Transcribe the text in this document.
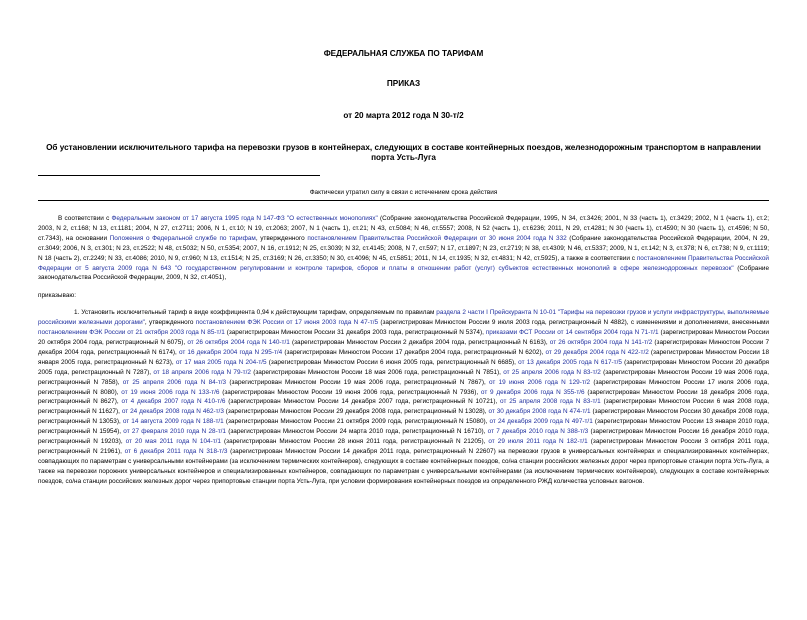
ФЕДЕРАЛЬНАЯ СЛУЖБА ПО ТАРИФАМ
ПРИКАЗ
от 20 марта 2012 года N 30-т/2
Об установлении исключительного тарифа на перевозки грузов в контейнерах, следующих в составе контейнерных поездов, железнодорожным транспортом в направлении порта Усть-Луга
Фактически утратил силу в связи с истечением срока действия

В соответствии с Федеральным законом от 17 августа 1995 года N 147-ФЗ "О естественных монополиях" (Собрание законодательства Российской Федерации, 1995, N 34, ст.3426; 2001, N 33 (часть 1), ст.3429; 2002, N 1 (часть 1), ст.2; 2003, N 2, ст.168; N 13, ст.1181; 2004, N 27, ст.2711; 2006, N 1, ст.10; N 19, ст.2063; 2007, N 1 (часть 1), ст.21; N 43, ст.5084; N 46, ст.5557; 2008, N 52 (часть 1), ст.6236; 2011, N 29, ст.4281; N 30 (часть 1), ст.4590; N 30 (часть 1), ст.4596; N 50, ст.7343), на основании Положения о Федеральной службе по тарифам, утвержденного постановлением Правительства Российской Федерации от 30 июня 2004 года N 332 (Собрание законодательства Российской Федерации, 2004, N 29, ст.3049; 2006, N 3, ст.301; N 23, ст.2522; N 48, ст.5032; N 50, ст.5354; 2007, N 16, ст.1912; N 25, ст.3039; N 32, ст.4145; 2008, N 7, ст.597; N 17, ст.1897; N 23, ст.2719; N 38, ст.4309; N 46, ст.5337; 2009, N 1, ст.142; N 3, ст.378; N 6, ст.738; N 9, ст.1119; N 18 (часть 2), ст.2249; N 33, ст.4086; 2010, N 9, ст.960; N 13, ст.1514; N 25, ст.3169; N 26, ст.3350; N 30, ст.4096; N 45, ст.5851; 2011, N 14, ст.1935; N 32, ст.4831; N 42, ст.5925), а также в соответствии с постановлением Правительства Российской Федерации от 5 августа 2009 года N 643 "О государственном регулировании и контроле тарифов, сборов и платы в отношении работ (услуг) субъектов естественных монополий в сфере железнодорожных перевозок" (Собрание законодательства Российской Федерации, 2009, N 32, ст.4051),

приказываю:

1. Установить исключительный тариф в виде коэффициента 0,94 к действующим тарифам, определяемым по правилам раздела 2 части I Прейскуранта N 10-01 "Тарифы на перевозки грузов и услуги инфраструктуры, выполняемые российскими железными дорогами", утвержденного постановлением ФЭК России от 17 июня 2003 года N 47-т/5 (зарегистрирован Минюстом России 9 июля 2003 года, регистрационный N 4882), с изменениями и дополнениями, внесенными постановлением ФЭК России от 21 октября 2003 года N 85-т/1 (зарегистрирован Минюстом России 31 декабря 2003 года, регистрационный N 5374), приказами ФСТ России от 14 сентября 2004 года N 71-т/1 (зарегистрирован Минюстом России 20 октября 2004 года, регистрационный N 6075), от 26 октября 2004 года N 140-т/1 (зарегистрирован Минюстом России 2 декабря 2004 года, регистрационный N 6163), от 26 октября 2004 года N 141-т/2 (зарегистрирован Минюстом России 7 декабря 2004 года, регистрационный N 6174), от 16 декабря 2004 года N 295-т/4 (зарегистрирован Минюстом России 17 декабря 2004 года, регистрационный N 6202), от 29 декабря 2004 года N 422-т/2 (зарегистрирован Минюстом России 18 января 2005 года, регистрационный N 6273), от 17 мая 2005 года N 204-т/5 (зарегистрирован Минюстом России 6 июня 2005 года, регистрационный N 6685), от 13 декабря 2005 года N 617-т/5 (зарегистрирован Минюстом России 20 декабря 2005 года, регистрационный N 7287), от 18 апреля 2006 года N 79-т/2 (зарегистрирован Минюстом России 18 мая 2006 года, регистрационный N 7851), от 25 апреля 2006 года N 83-т/2 (зарегистрирован Минюстом России 19 мая 2006 года, регистрационный N 7858), от 25 апреля 2006 года N 84-т/3 (зарегистрирован Минюстом России 19 мая 2006 года, регистрационный N 7867), от 19 июня 2006 года N 129-т/2 (зарегистрирован Минюстом России 17 июля 2006 года, регистрационный N 8080), от 19 июня 2006 года N 133-т/6 (зарегистрирован Минюстом России 19 июня 2006 года, регистрационный N 7936), от 9 декабря 2006 года N 355-т/6 (зарегистрирован Минюстом России 18 декабря 2006 года, регистрационный N 8627), от 4 декабря 2007 года N 410-т/6 (зарегистрирован Минюстом России 14 декабря 2007 года, регистрационный N 10721), от 25 апреля 2008 года N 83-т/1 (зарегистрирован Минюстом России 6 мая 2008 года, регистрационный N 11627), от 24 декабря 2008 года N 462-т/3 (зарегистрирован Минюстом России 29 декабря 2008 года, регистрационный N 13028), от 30 декабря 2008 года N 474-т/1 (зарегистрирован Минюстом России 30 декабря 2008 года, регистрационный N 13053), от 14 августа 2009 года N 188-т/1 (зарегистрирован Минюстом России 21 октября 2009 года, регистрационный N 15080), от 24 декабря 2009 года N 497-т/1 (зарегистрирован Минюстом России 13 января 2010 года, регистрационный N 15954), от 27 февраля 2010 года N 28-т/1 (зарегистрирован Минюстом России 24 марта 2010 года, регистрационный N 16710), от 7 декабря 2010 года N 388-т/3 (зарегистрирован Минюстом России 16 декабря 2010 года, регистрационный N 19203), от 20 мая 2011 года N 104-т/1 (зарегистрирован Минюстом России 28 июня 2011 года, регистрационный N 21205), от 29 июля 2011 года N 182-т/1 (зарегистрирован Минюстом России 3 октября 2011 года, регистрационный N 21961), от 6 декабря 2011 года N 318-т/3 (зарегистрирован Минюстом России 14 декабря 2011 года, регистрационный N 22607) на перевозки грузов в универсальных контейнерах и специализированных контейнерах, совпадающих по параметрам с универсальными контейнерами (за исключением термических контейнеров), следующих в составе контейнерных поездов, со/на станции российских железных дорог через припортовые станции порта Усть-Луга, а также на перевозки порожних универсальных контейнеров и специализированных контейнеров, совпадающих по параметрам с универсальными контейнерами (за исключением термических контейнеров), следующих в составе контейнерных поездов, со/на станции российских железных дорог через припортовые станции порта Усть-Луга, при условии формирования контейнерных поездов из определенного РЖД количества условных вагонов.
